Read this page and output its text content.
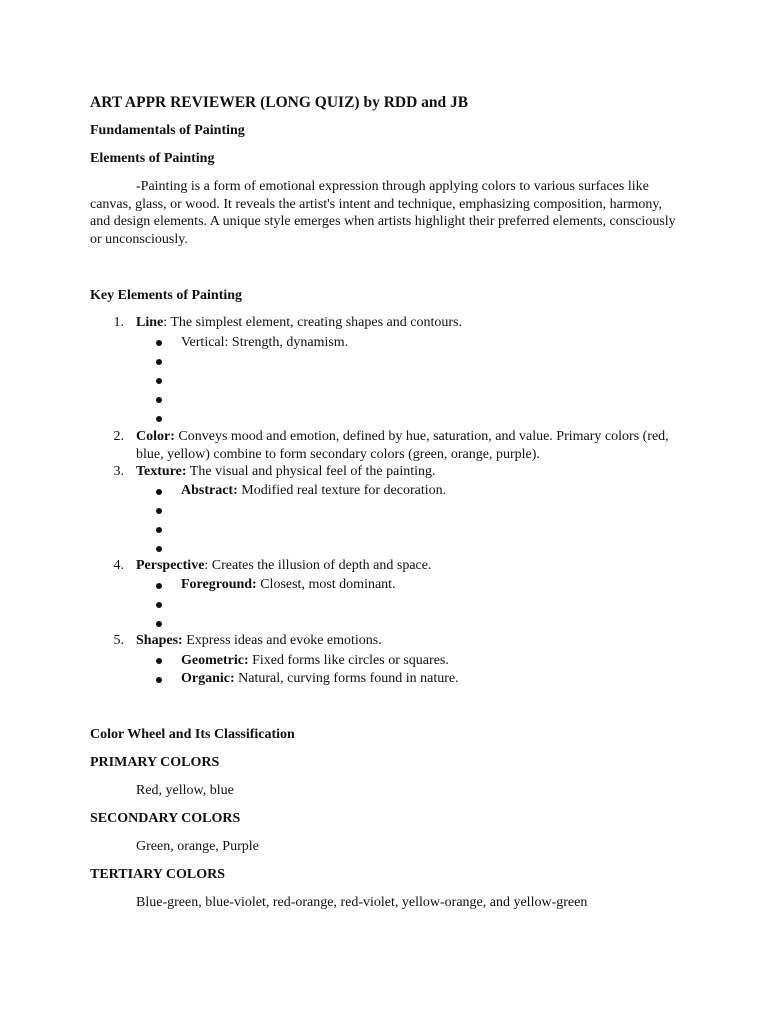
ART APPR REVIEWER (LONG QUIZ) by RDD and JB
Fundamentals of Painting
Elements of Painting
-Painting is a form of emotional expression through applying colors to various surfaces like canvas, glass, or wood. It reveals the artist's intent and technique, emphasizing composition, harmony, and design elements. A unique style emerges when artists highlight their preferred elements, consciously or unconsciously.
Key Elements of Painting
1. Line: The simplest element, creating shapes and contours.
Vertical: Strength, dynamism.
2. Color: Conveys mood and emotion, defined by hue, saturation, and value. Primary colors (red,
blue, yellow) combine to form secondary colors (green, orange, purple).
3. Texture: The visual and physical feel of the painting.
Abstract: Modified real texture for decoration.
4. Perspective: Creates the illusion of depth and space.
Foreground: Closest, most dominant.
5. Shapes: Express ideas and evoke emotions.
Geometric: Fixed forms like circles or squares.
Organic: Natural, curving forms found in nature.
Color Wheel and Its Classification
PRIMARY COLORS
Red, yellow, blue
SECONDARY COLORS
Green, orange, Purple
TERTIARY COLORS
Blue-green, blue-violet, red-orange, red-violet, yellow-orange, and yellow-green
